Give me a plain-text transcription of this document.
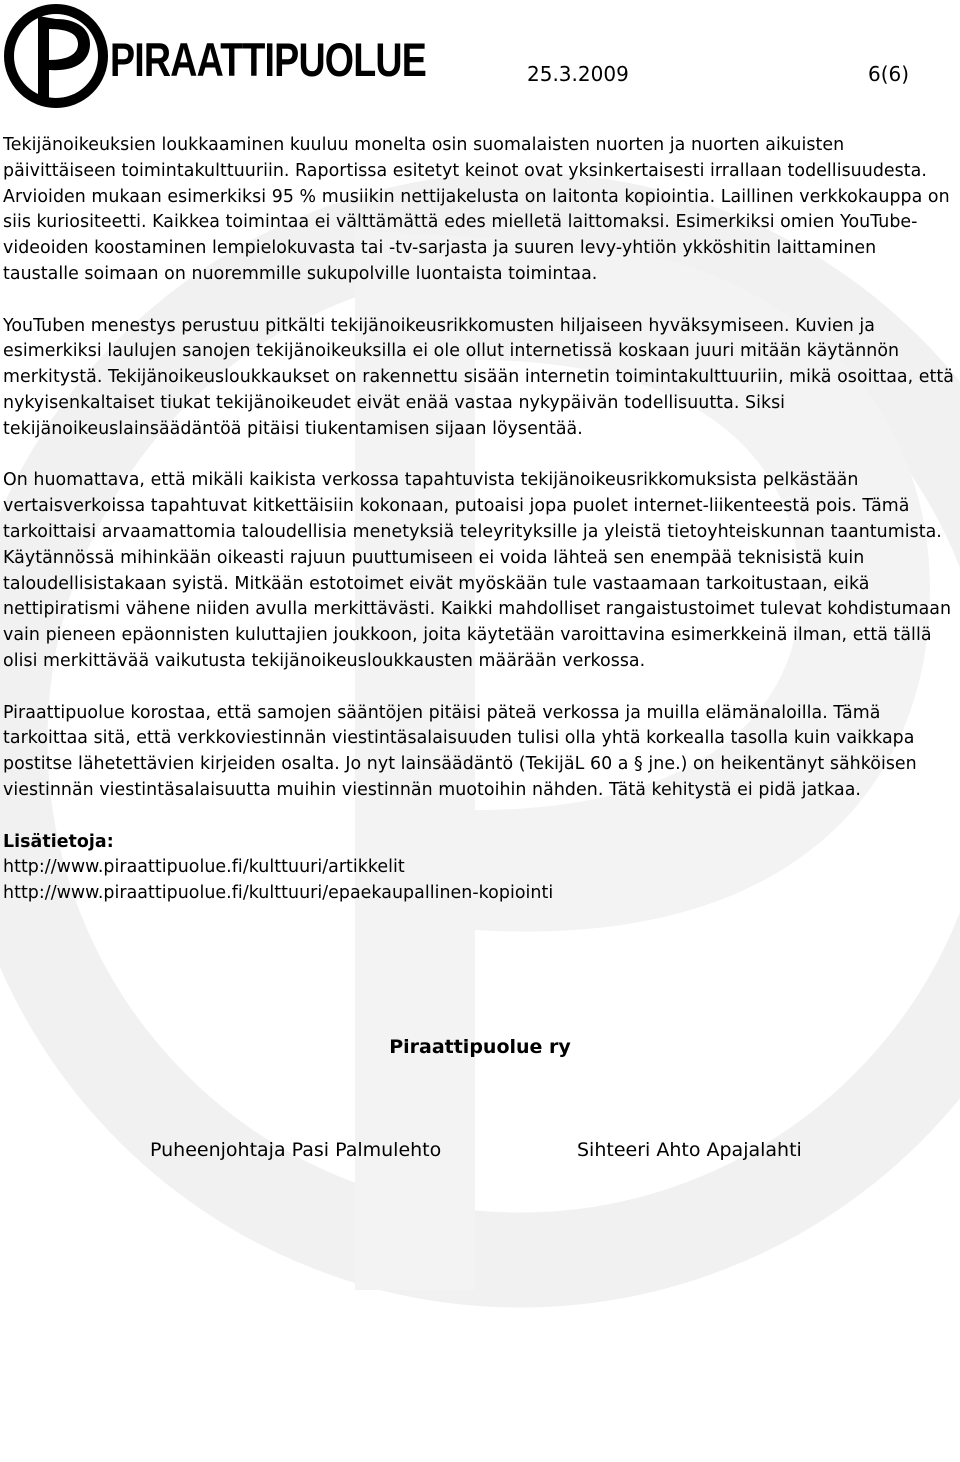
PIRAATTIPUOLUE	25.3.2009	6(6)

Tekijänoikeuksien loukkaaminen kuuluu monelta osin suomalaisten nuorten ja nuorten aikuisten päivittäiseen toimintakulttuuriin. Raportissa esitetyt keinot ovat yksinkertaisesti irrallaan todellisuudesta. Arvioiden mukaan esimerkiksi 95 % musiikin nettijakelusta on laitonta kopiointia. Laillinen verkkokauppa on siis kuriositeetti. Kaikkea toimintaa ei välttämättä edes mielletä laittomaksi. Esimerkiksi omien YouTube-videoiden koostaminen lempielokuvasta tai -tv-sarjasta ja suuren levy-yhtiön ykköshitin laittaminen taustalle soimaan on nuoremmille sukupolville luontaista toimintaa.

YouTuben menestys perustuu pitkälti tekijänoikeusrikkomusten hiljaiseen hyväksymiseen. Kuvien ja esimerkiksi laulujen sanojen tekijänoikeuksilla ei ole ollut internetissä koskaan juuri mitään käytännön merkitystä. Tekijänoikeusloukkaukset on rakennettu sisään internetin toimintakulttuuriin, mikä osoittaa, että nykyisenkaltaiset tiukat tekijänoikeudet eivät enää vastaa nykypäivän todellisuutta. Siksi tekijänoikeuslainsäädäntöä pitäisi tiukentamisen sijaan löysentää.

On huomattava, että mikäli kaikista verkossa tapahtuvista tekijänoikeusrikkomuksista pelkästään vertaisverkoissa tapahtuvat kitkettäisiin kokonaan, putoaisi jopa puolet internet-liikenteestä pois. Tämä tarkoittaisi arvaamattomia taloudellisia menetyksiä teleyrityksille ja yleistä tietoyhteiskunnan taantumista. Käytännössä mihinkään oikeasti rajuun puuttumiseen ei voida lähteä sen enempää teknisistä kuin taloudellisistakaan syistä. Mitkään estotoimet eivät myöskään tule vastaamaan tarkoitustaan, eikä nettipiratismi vähene niiden avulla merkittävästi. Kaikki mahdolliset rangaistustoimet tulevat kohdistumaan vain pieneen epäonnisten kuluttajien joukkoon, joita käytetään varoittavina esimerkkeinä ilman, että tällä olisi merkittävää vaikutusta tekijänoikeusloukkausten määrään verkossa.

Piraattipuolue korostaa, että samojen sääntöjen pitäisi päteä verkossa ja muilla elämänaloilla. Tämä tarkoittaa sitä, että verkkoviestinnän viestintäsalaisuuden tulisi olla yhtä korkealla tasolla kuin vaikkapa postitse lähetettävien kirjeiden osalta. Jo nyt lainsäädäntö (TekijäL 60 a § jne.) on heikentänyt sähköisen viestinnän viestintäsalaisuutta muihin viestinnän muotoihin nähden. Tätä kehitystä ei pidä jatkaa.

Lisätietoja:
http://www.piraattipuolue.fi/kulttuuri/artikkelit
http://www.piraattipuolue.fi/kulttuuri/epaekaupallinen-kopiointi
Piraattipuolue ry
Puheenjohtaja Pasi Palmulehto	Sihteeri Ahto Apajalahti
